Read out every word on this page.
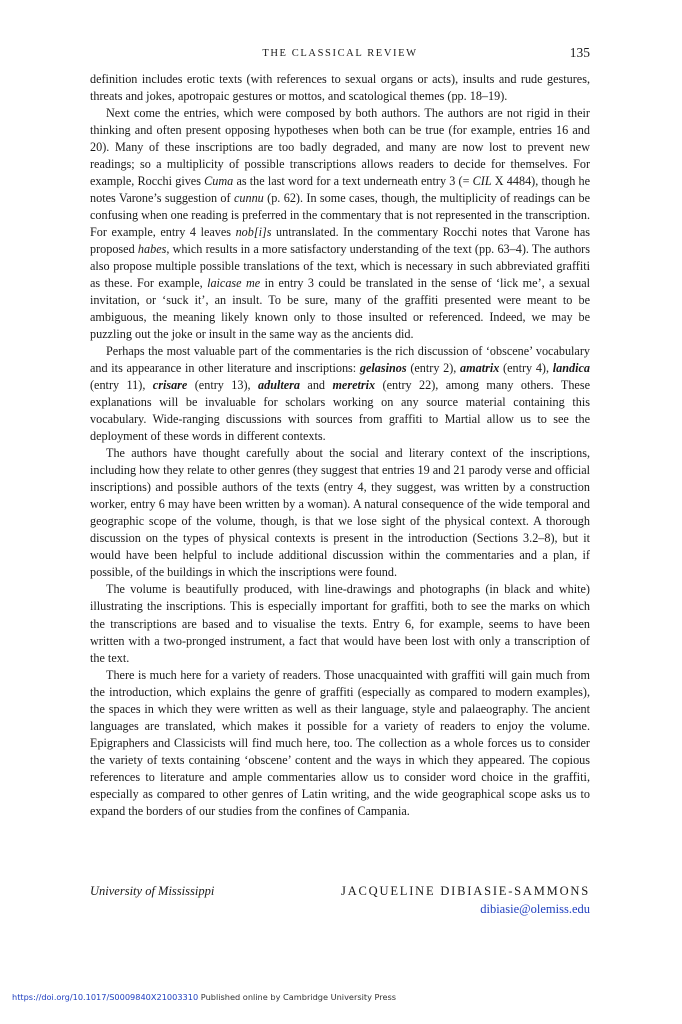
THE CLASSICAL REVIEW	135

definition includes erotic texts (with references to sexual organs or acts), insults and rude gestures, threats and jokes, apotropaic gestures or mottos, and scatological themes (pp. 18–19).

Next come the entries, which were composed by both authors. The authors are not rigid in their thinking and often present opposing hypotheses when both can be true (for example, entries 16 and 20). Many of these inscriptions are too badly degraded, and many are now lost to prevent new readings; so a multiplicity of possible transcriptions allows readers to decide for themselves. For example, Rocchi gives Cuma as the last word for a text underneath entry 3 (= CIL X 4484), though he notes Varone’s suggestion of cunnu (p. 62). In some cases, though, the multiplicity of readings can be confusing when one reading is preferred in the commentary that is not represented in the transcription. For example, entry 4 leaves nob[i]s untranslated. In the commentary Rocchi notes that Varone has proposed habes, which results in a more satisfactory understanding of the text (pp. 63–4). The authors also propose multiple possible translations of the text, which is necessary in such abbreviated graffiti as these. For example, laicase me in entry 3 could be translated in the sense of ‘lick me’, a sexual invitation, or ‘suck it’, an insult. To be sure, many of the graffiti presented were meant to be ambiguous, the meaning likely known only to those insulted or referenced. Indeed, we may be puzzling out the joke or insult in the same way as the ancients did.

Perhaps the most valuable part of the commentaries is the rich discussion of ‘obscene’ vocabulary and its appearance in other literature and inscriptions: gelasinos (entry 2), amatrix (entry 4), landica (entry 11), crisare (entry 13), adultera and meretrix (entry 22), among many others. These explanations will be invaluable for scholars working on any source material containing this vocabulary. Wide-ranging discussions with sources from graffiti to Martial allow us to see the deployment of these words in different contexts.

The authors have thought carefully about the social and literary context of the inscriptions, including how they relate to other genres (they suggest that entries 19 and 21 parody verse and official inscriptions) and possible authors of the texts (entry 4, they suggest, was written by a construction worker, entry 6 may have been written by a woman). A natural consequence of the wide temporal and geographic scope of the volume, though, is that we lose sight of the physical context. A thorough discussion on the types of physical contexts is present in the introduction (Sections 3.2–8), but it would have been helpful to include additional discussion within the commentaries and a plan, if possible, of the buildings in which the inscriptions were found.

The volume is beautifully produced, with line-drawings and photographs (in black and white) illustrating the inscriptions. This is especially important for graffiti, both to see the marks on which the transcriptions are based and to visualise the texts. Entry 6, for example, seems to have been written with a two-pronged instrument, a fact that would have been lost with only a transcription of the text.

There is much here for a variety of readers. Those unacquainted with graffiti will gain much from the introduction, which explains the genre of graffiti (especially as compared to modern examples), the spaces in which they were written as well as their language, style and palaeography. The ancient languages are translated, which makes it possible for a variety of readers to enjoy the volume. Epigraphers and Classicists will find much here, too. The collection as a whole forces us to consider the variety of texts containing ‘obscene’ content and the ways in which they appeared. The copious references to literature and ample commentaries allow us to consider word choice in the graffiti, especially as compared to other genres of Latin writing, and the wide geographical scope asks us to expand the borders of our studies from the confines of Campania.

University of Mississippi	JACQUELINE DIBIASIE-SAMMONS
dibiasie@olemiss.edu
https://doi.org/10.1017/S0009840X21003310 Published online by Cambridge University Press
